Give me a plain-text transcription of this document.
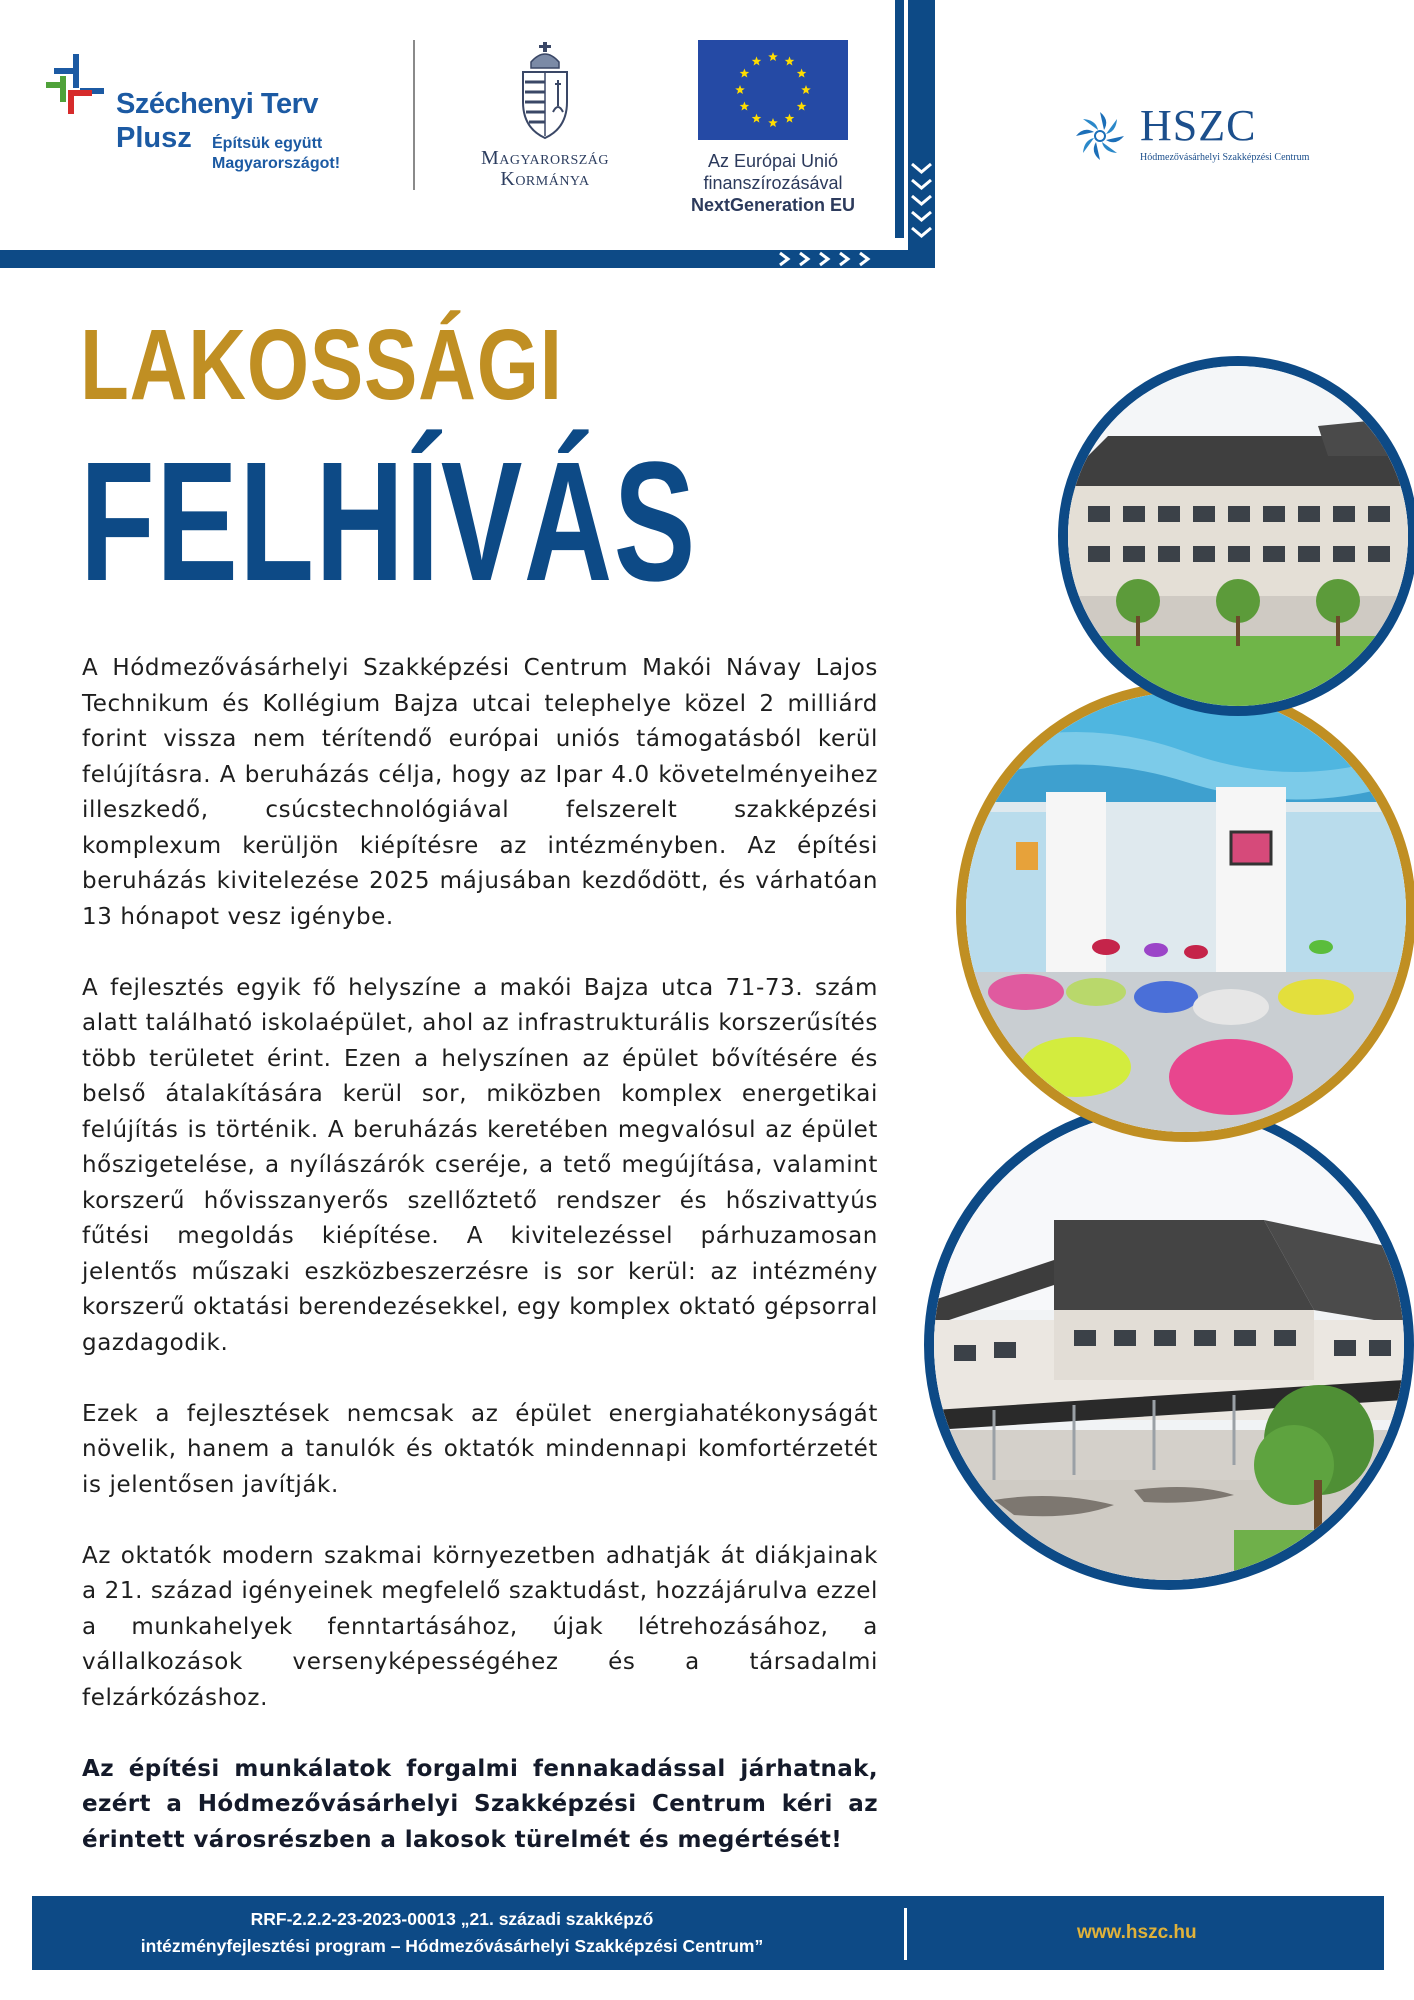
Széchenyi Terv
Plusz Építsük együtt
Magyarországot!	Magyarország
Kormánya
Az Európai Unió
finanszírozásával
NextGeneration EU
HSZC
Hódmezővásárhelyi Szakképzési Centrum
LAKOSSÁGI
FELHÍVÁS

A Hódmezővásárhelyi Szakképzési Centrum Makói Návay Lajos Technikum és Kollégium Bajza utcai telephelye közel 2 milliárd forint vissza nem térítendő európai uniós támogatásból kerül felújításra. A beruházás célja, hogy az Ipar 4.0 követelményeihez illeszkedő, csúcstechnológiával felszerelt szakképzési komplexum kerüljön kiépítésre az intézményben. Az építési beruházás kivitelezése 2025 májusában kezdődött, és várhatóan 13 hónapot vesz igénybe.

A fejlesztés egyik fő helyszíne a makói Bajza utca 71-73. szám alatt található iskolaépület, ahol az infrastrukturális korszerűsítés több területet érint. Ezen a helyszínen az épület bővítésére és belső átalakítására kerül sor, miközben komplex energetikai felújítás is történik. A beruházás keretében megvalósul az épület hőszigetelése, a nyílászárók cseréje, a tető megújítása, valamint korszerű hővisszanyerős szellőztető rendszer és hőszivattyús fűtési megoldás kiépítése. A kivitelezéssel párhuzamosan jelentős műszaki eszközbeszerzésre is sor kerül: az intézmény korszerű oktatási berendezésekkel, egy komplex oktató gépsorral gazdagodik.

Ezek a fejlesztések nemcsak az épület energiahatékonyságát növelik, hanem a tanulók és oktatók mindennapi komfortérzetét is jelentősen javítják.

Az oktatók modern szakmai környezetben adhatják át diákjainak a 21. század igényeinek megfelelő szaktudást, hozzájárulva ezzel a munkahelyek fenntartásához, újak létrehozásához, a vállalkozások versenyképességéhez és a társadalmi felzárkózáshoz.

Az építési munkálatok forgalmi fennakadással járhatnak, ezért a Hódmezővásárhelyi Szakképzési Centrum kéri az érintett városrészben a lakosok türelmét és megértését!

RRF-2.2.2-23-2023-00013 „21. századi szakképző
intézményfejlesztési program – Hódmezővásárhelyi Szakképzési Centrum”
www.hszc.hu
